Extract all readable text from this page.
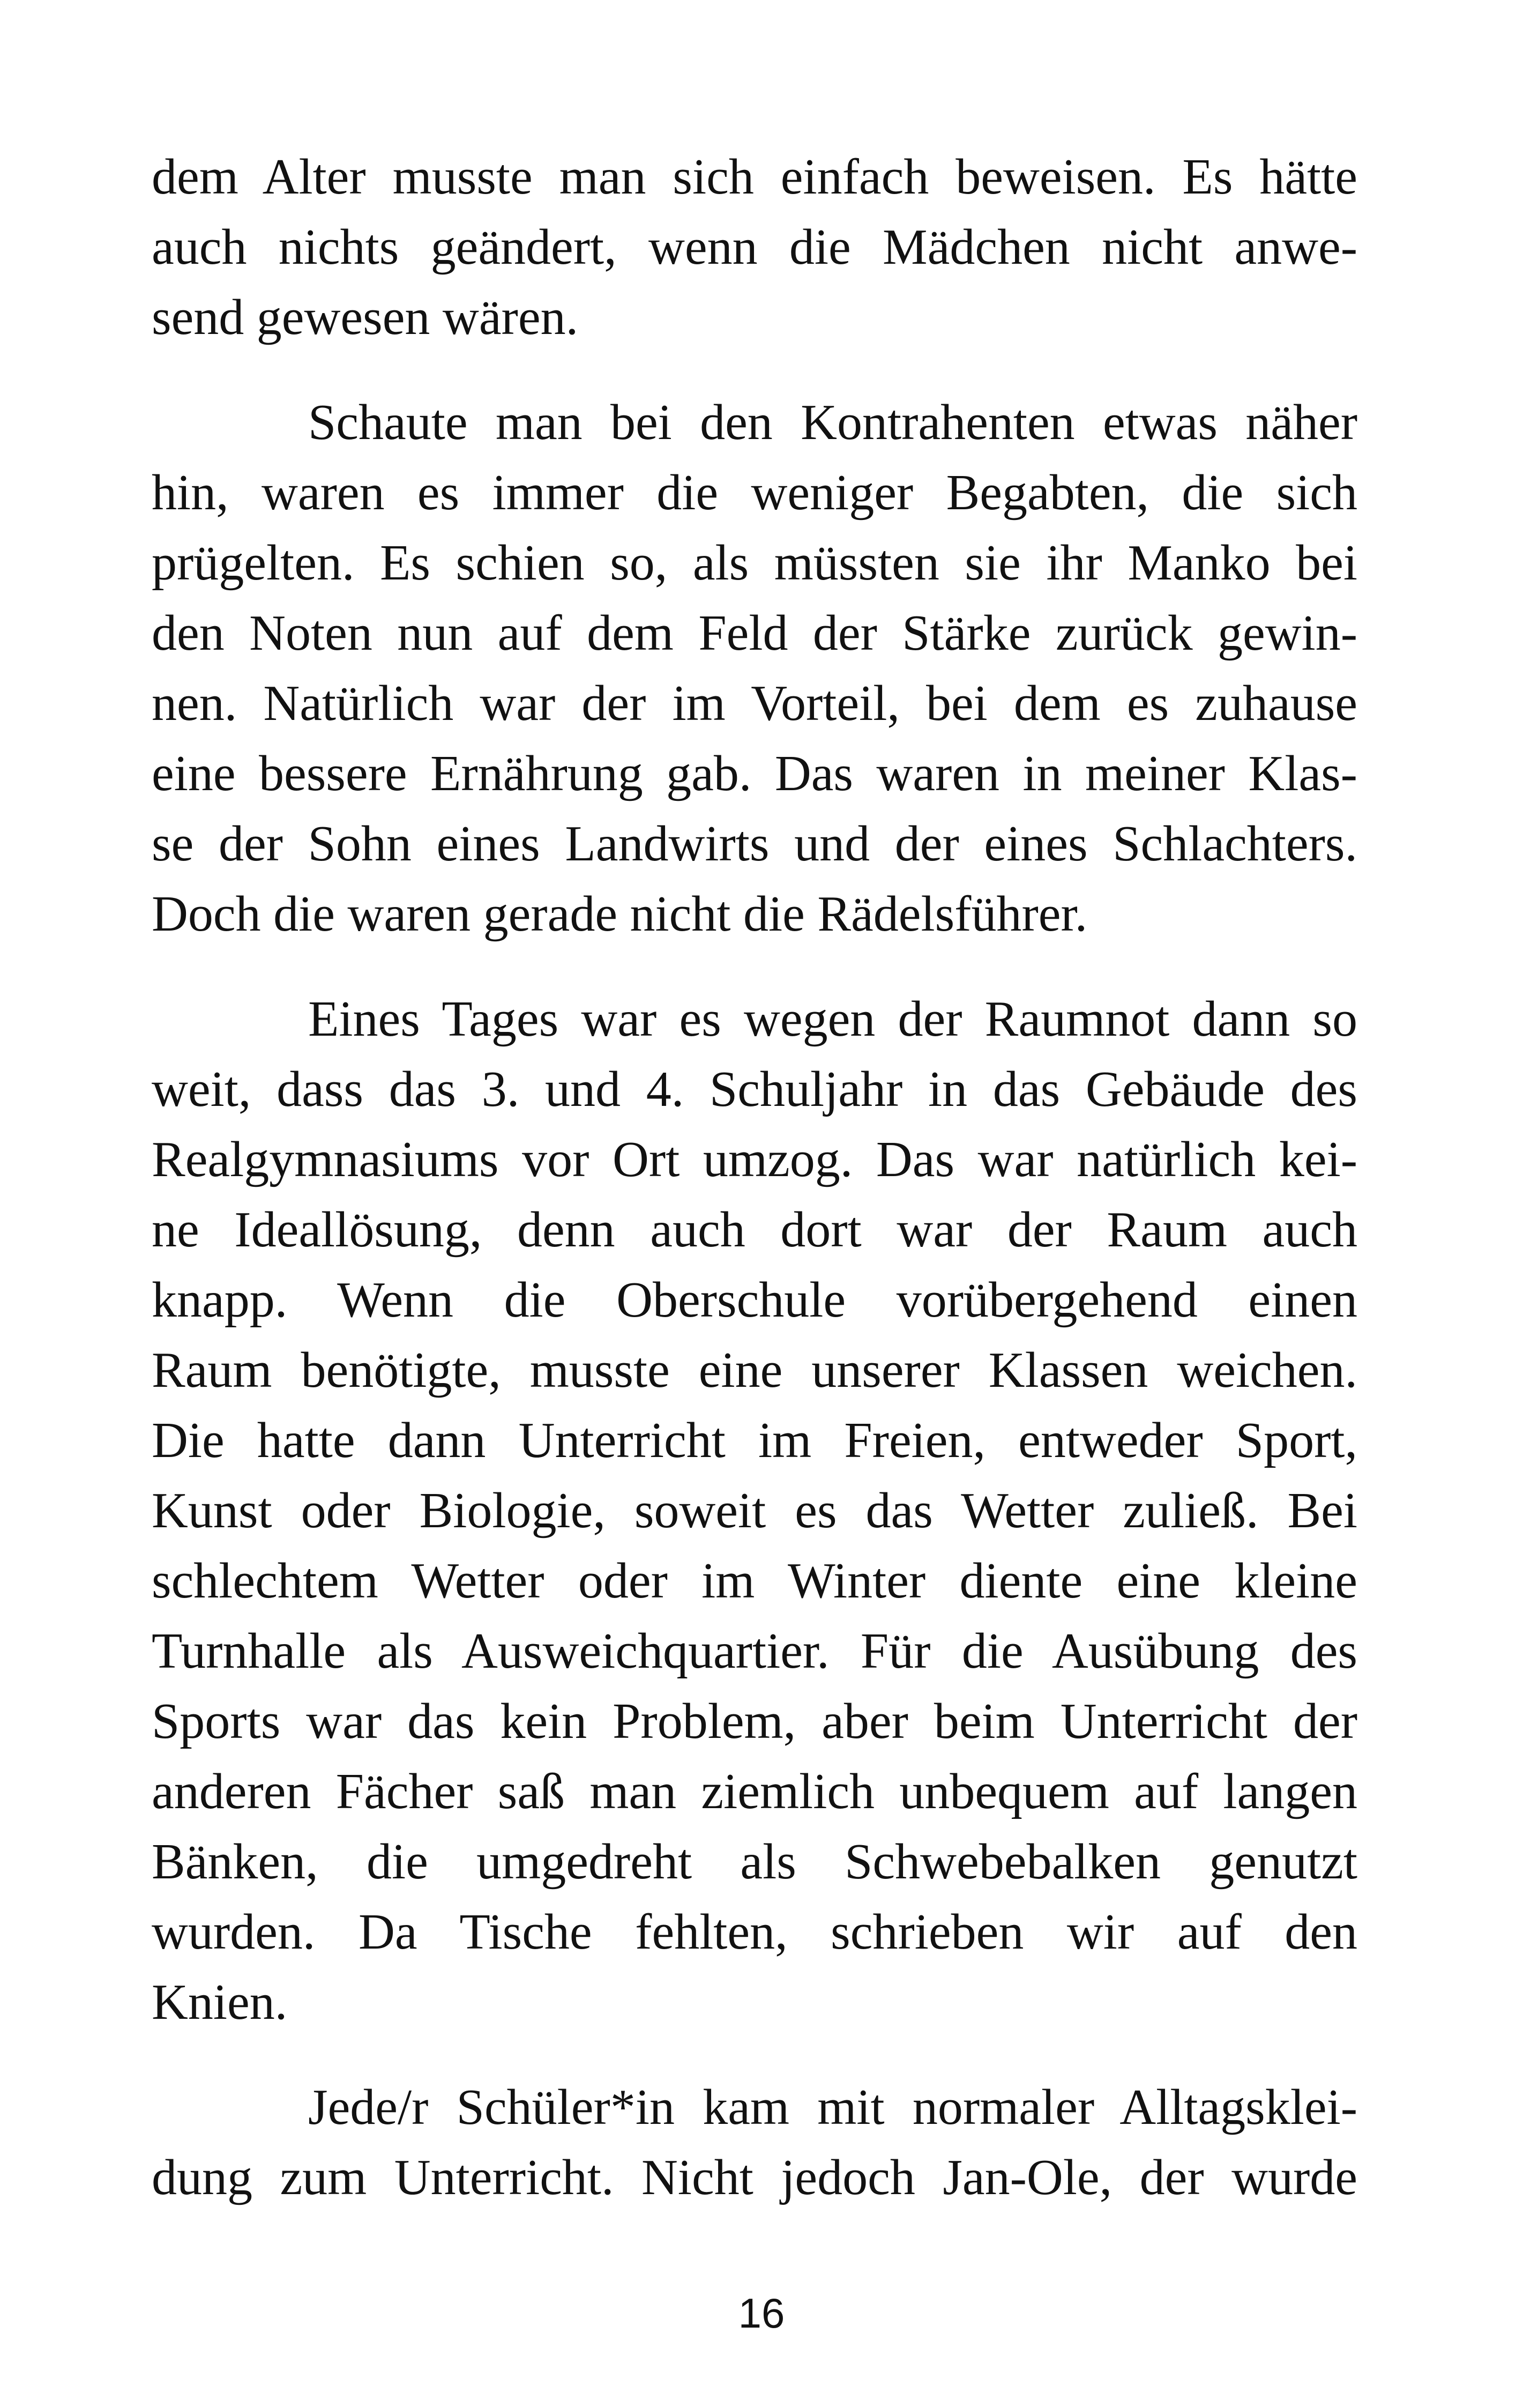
dem Alter musste man sich einfach beweisen. Es hätte
auch nichts geändert, wenn die Mädchen nicht anwe-
send gewesen wären.

Schaute man bei den Kontrahenten etwas näher
hin, waren es immer die weniger Begabten, die sich
prügelten. Es schien so, als müssten sie ihr Manko bei
den Noten nun auf dem Feld der Stärke zurück gewin-
nen. Natürlich war der im Vorteil, bei dem es zuhause
eine bessere Ernährung gab. Das waren in meiner Klas-
se der Sohn eines Landwirts und der eines Schlachters.
Doch die waren gerade nicht die Rädelsführer.

Eines Tages war es wegen der Raumnot dann so
weit, dass das 3. und 4. Schuljahr in das Gebäude des
Realgymnasiums vor Ort umzog. Das war natürlich kei-
ne Ideallösung, denn auch dort war der Raum auch
knapp. Wenn die Oberschule vorübergehend einen
Raum benötigte, musste eine unserer Klassen weichen.
Die hatte dann Unterricht im Freien, entweder Sport,
Kunst oder Biologie, soweit es das Wetter zuließ. Bei
schlechtem Wetter oder im Winter diente eine kleine
Turnhalle als Ausweichquartier. Für die Ausübung des
Sports war das kein Problem, aber beim Unterricht der
anderen Fächer saß man ziemlich unbequem auf langen
Bänken, die umgedreht als Schwebebalken genutzt
wurden. Da Tische fehlten, schrieben wir auf den
Knien.

Jede/r Schüler*in kam mit normaler Alltagsklei-
dung zum Unterricht. Nicht jedoch Jan-Ole, der wurde

16
